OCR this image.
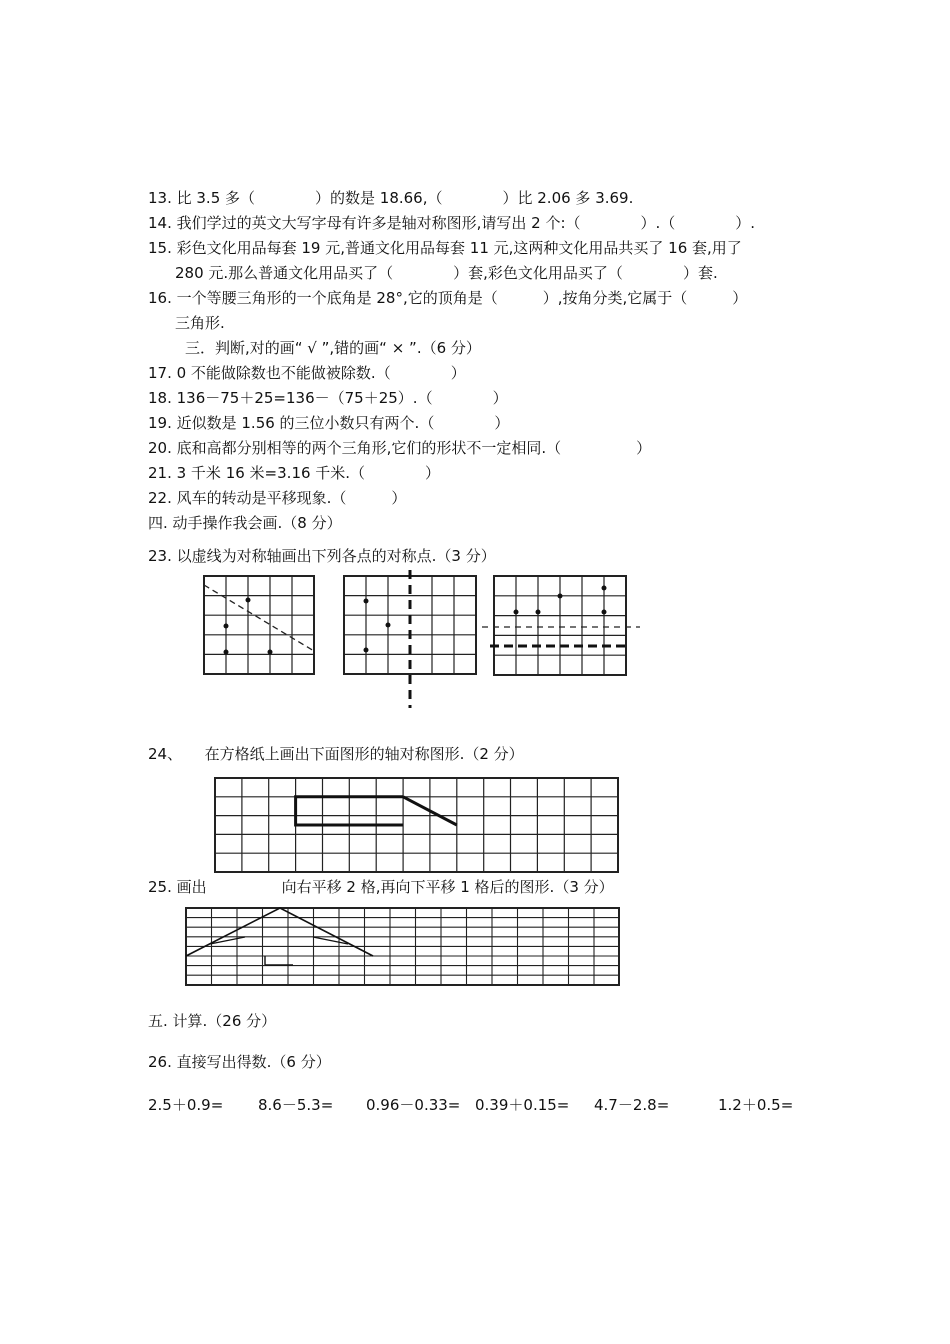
13. 比 3.5 多（　　　　）的数是 18.66,（　　　　）比 2.06 多 3.69.
14. 我们学过的英文大写字母有许多是轴对称图形,请写出 2 个:（　　　　）.（　　　　）.
15. 彩色文化用品每套 19 元,普通文化用品每套 11 元,这两种文化用品共买了 16 套,用了
280 元.那么普通文化用品买了（　　　　）套,彩色文化用品买了（　　　　）套.
16. 一个等腰三角形的一个底角是 28°,它的顶角是（　　　）,按角分类,它属于（　　　）
三角形.
三．判断,对的画“ √ ”,错的画“ × ”.（6 分）
17. 0 不能做除数也不能做被除数.（　　　　）
18. 136－75＋25=136－（75＋25）.（　　　　）
19. 近似数是 1.56 的三位小数只有两个.（　　　　）
20. 底和高都分别相等的两个三角形,它们的形状不一定相同.（　　　　　）
21. 3 千米 16 米=3.16 千米.（　　　　）
22. 风车的转动是平移现象.（　　　）
四. 动手操作我会画.（8 分）
23. 以虚线为对称轴画出下列各点的对称点.（3 分）
24、　　在方格纸上画出下面图形的轴对称图形.（2 分）
25. 画出　　　　　向右平移 2 格,再向下平移 1 格后的图形.（3 分）
五. 计算.（26 分）
26. 直接写出得数.（6 分）
2.5＋0.9= 8.6－5.3= 0.96－0.33= 0.39＋0.15= 4.7－2.8=	1.2＋0.5=
